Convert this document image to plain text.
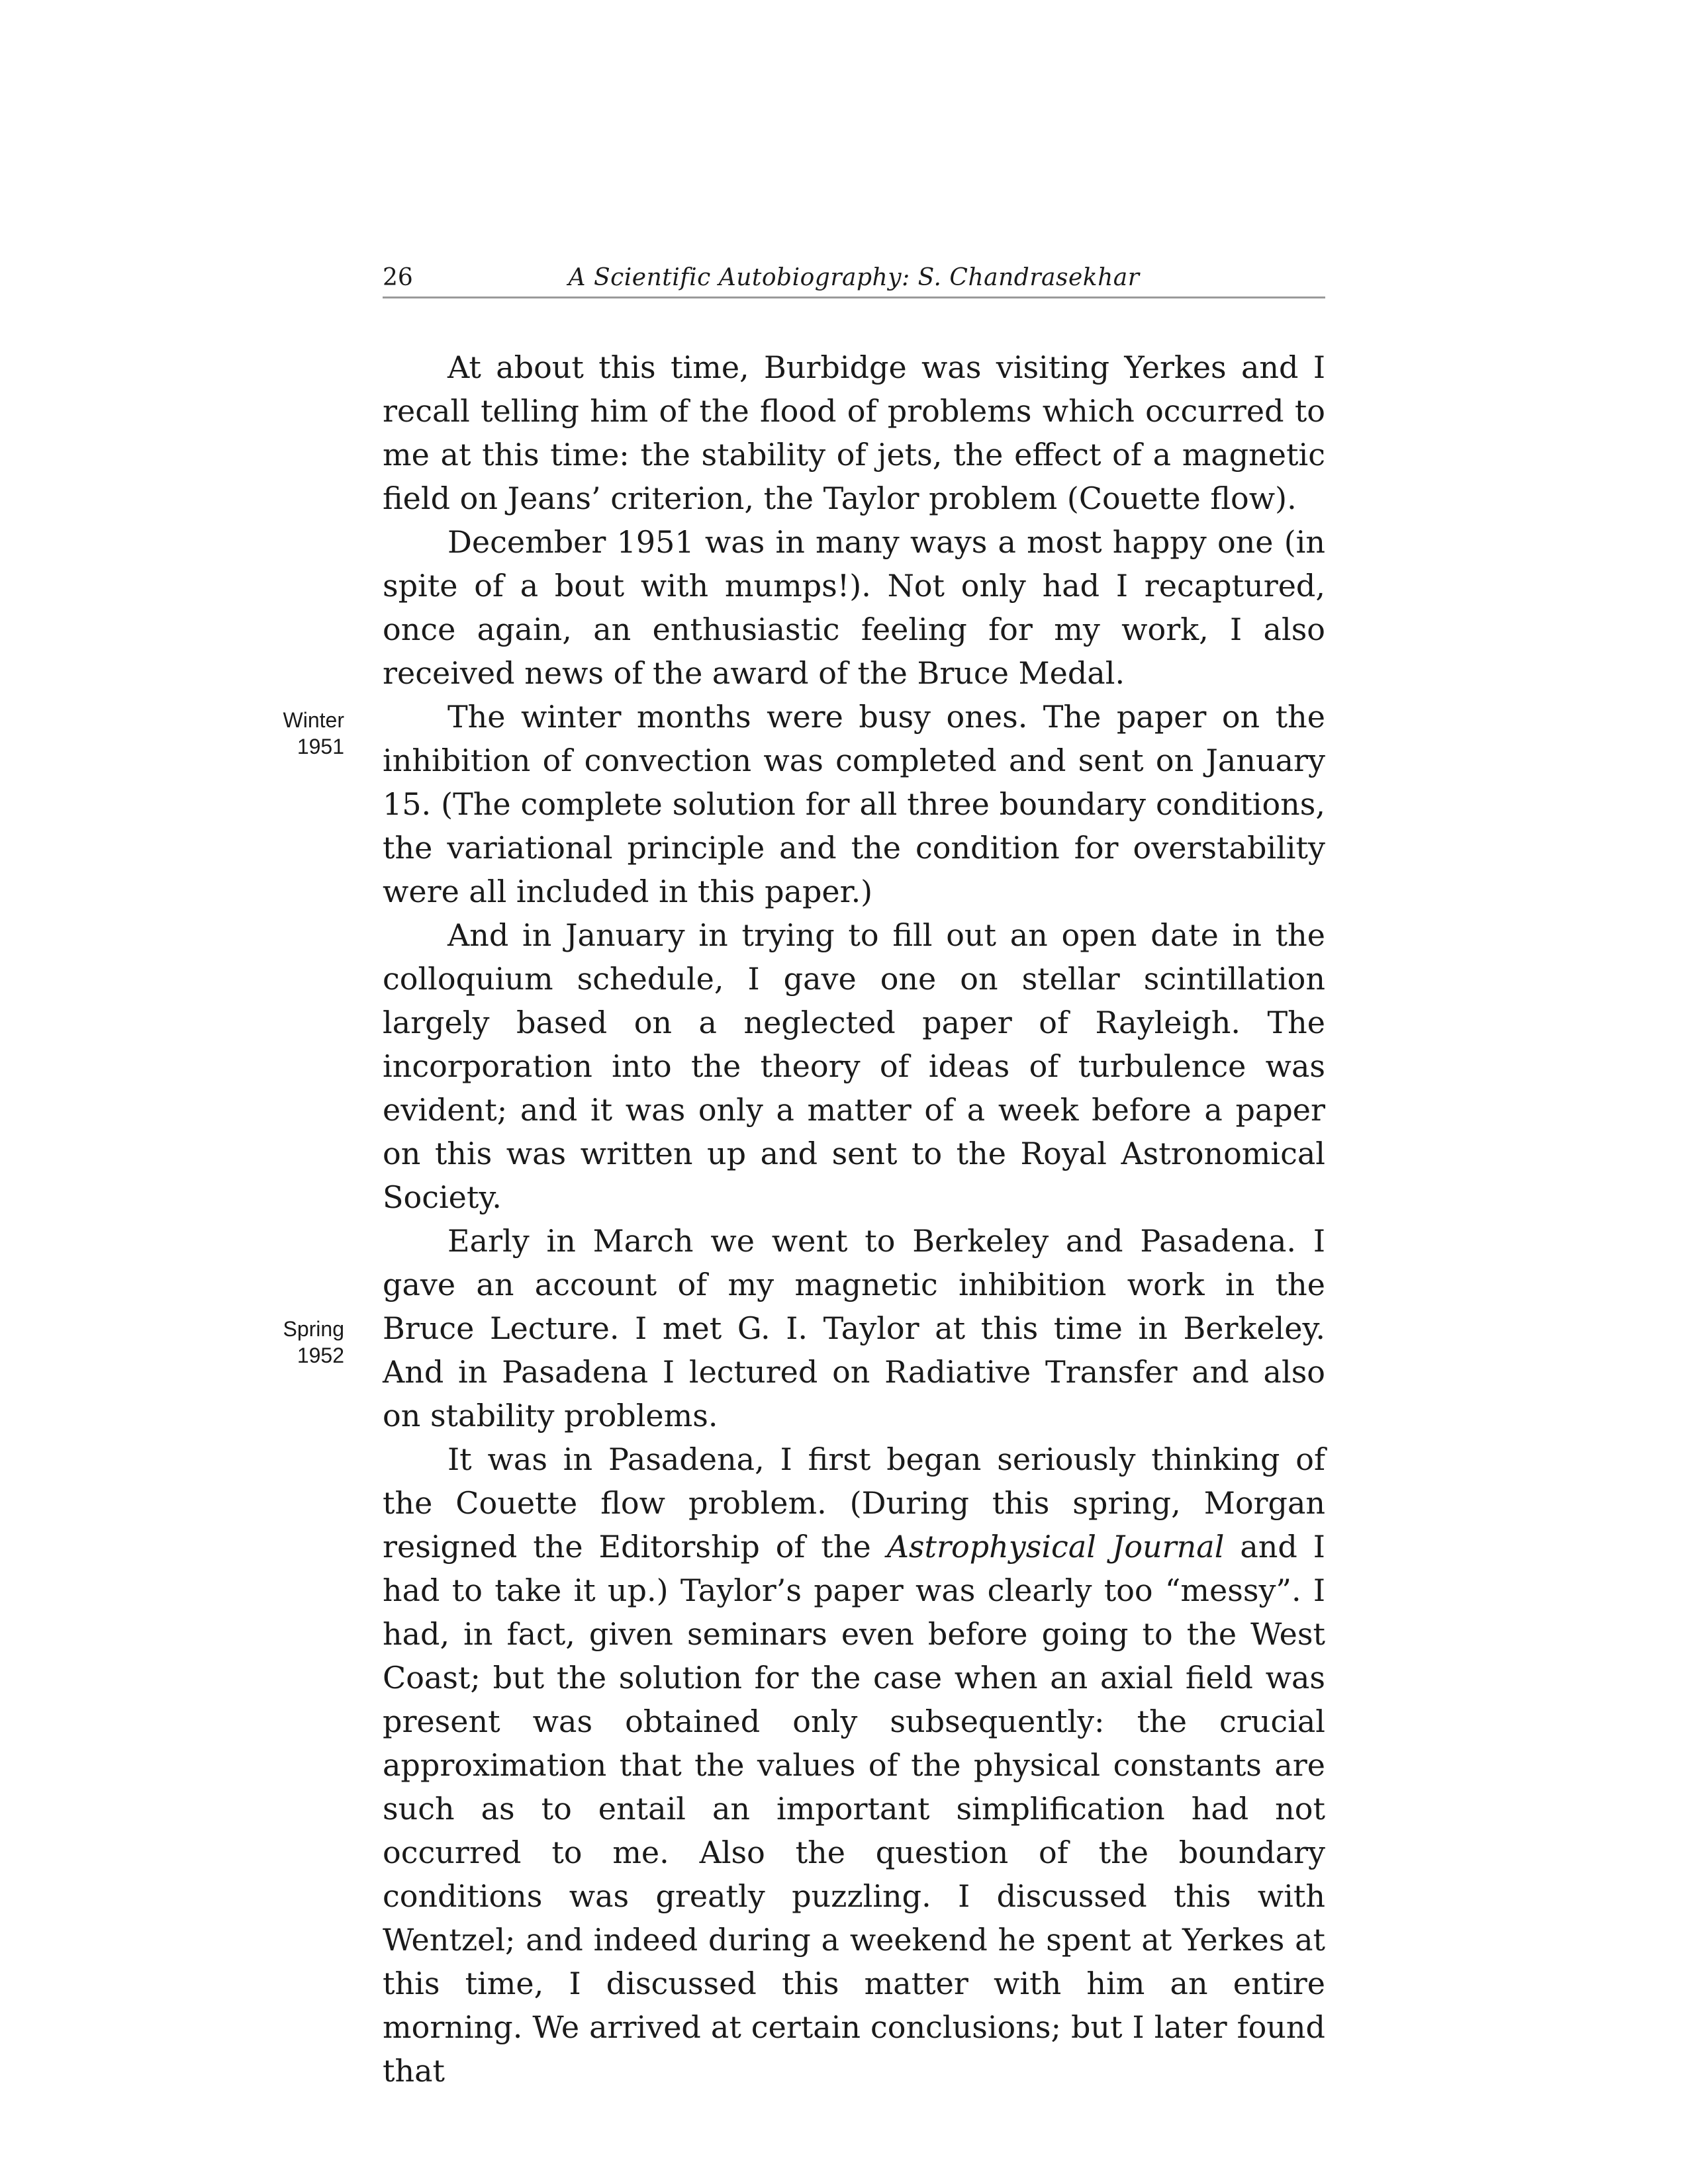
26	A Scientific Autobiography: S. Chandrasekhar
Winter
1951
Spring
1952

At about this time, Burbidge was visiting Yerkes and I recall telling him of the flood of problems which occurred to me at this time: the stability of jets, the effect of a magnetic field on Jeans’ criterion, the Taylor problem (Couette flow).

December 1951 was in many ways a most happy one (in spite of a bout with mumps!). Not only had I recaptured, once again, an enthusiastic feeling for my work, I also received news of the award of the Bruce Medal.

The winter months were busy ones. The paper on the inhibition of convection was completed and sent on January 15. (The complete solution for all three boundary conditions, the variational principle and the condition for overstability were all included in this paper.)

And in January in trying to fill out an open date in the colloquium schedule, I gave one on stellar scintillation largely based on a neglected paper of Rayleigh. The incorporation into the theory of ideas of turbulence was evident; and it was only a matter of a week before a paper on this was written up and sent to the Royal Astronomical Society.

Early in March we went to Berkeley and Pasadena. I gave an account of my magnetic inhibition work in the Bruce Lecture. I met G. I. Taylor at this time in Berkeley. And in Pasadena I lectured on Radiative Transfer and also on stability problems.

It was in Pasadena, I first began seriously thinking of the Couette flow problem. (During this spring, Morgan resigned the Editorship of the Astrophysical Journal and I had to take it up.) Taylor’s paper was clearly too “messy”. I had, in fact, given seminars even before going to the West Coast; but the solution for the case when an axial field was present was obtained only subsequently: the crucial approximation that the values of the physical constants are such as to entail an important simplification had not occurred to me. Also the question of the boundary conditions was greatly puzzling. I discussed this with Wentzel; and indeed during a weekend he spent at Yerkes at this time, I discussed this matter with him an entire morning. We arrived at certain conclusions; but I later found that
